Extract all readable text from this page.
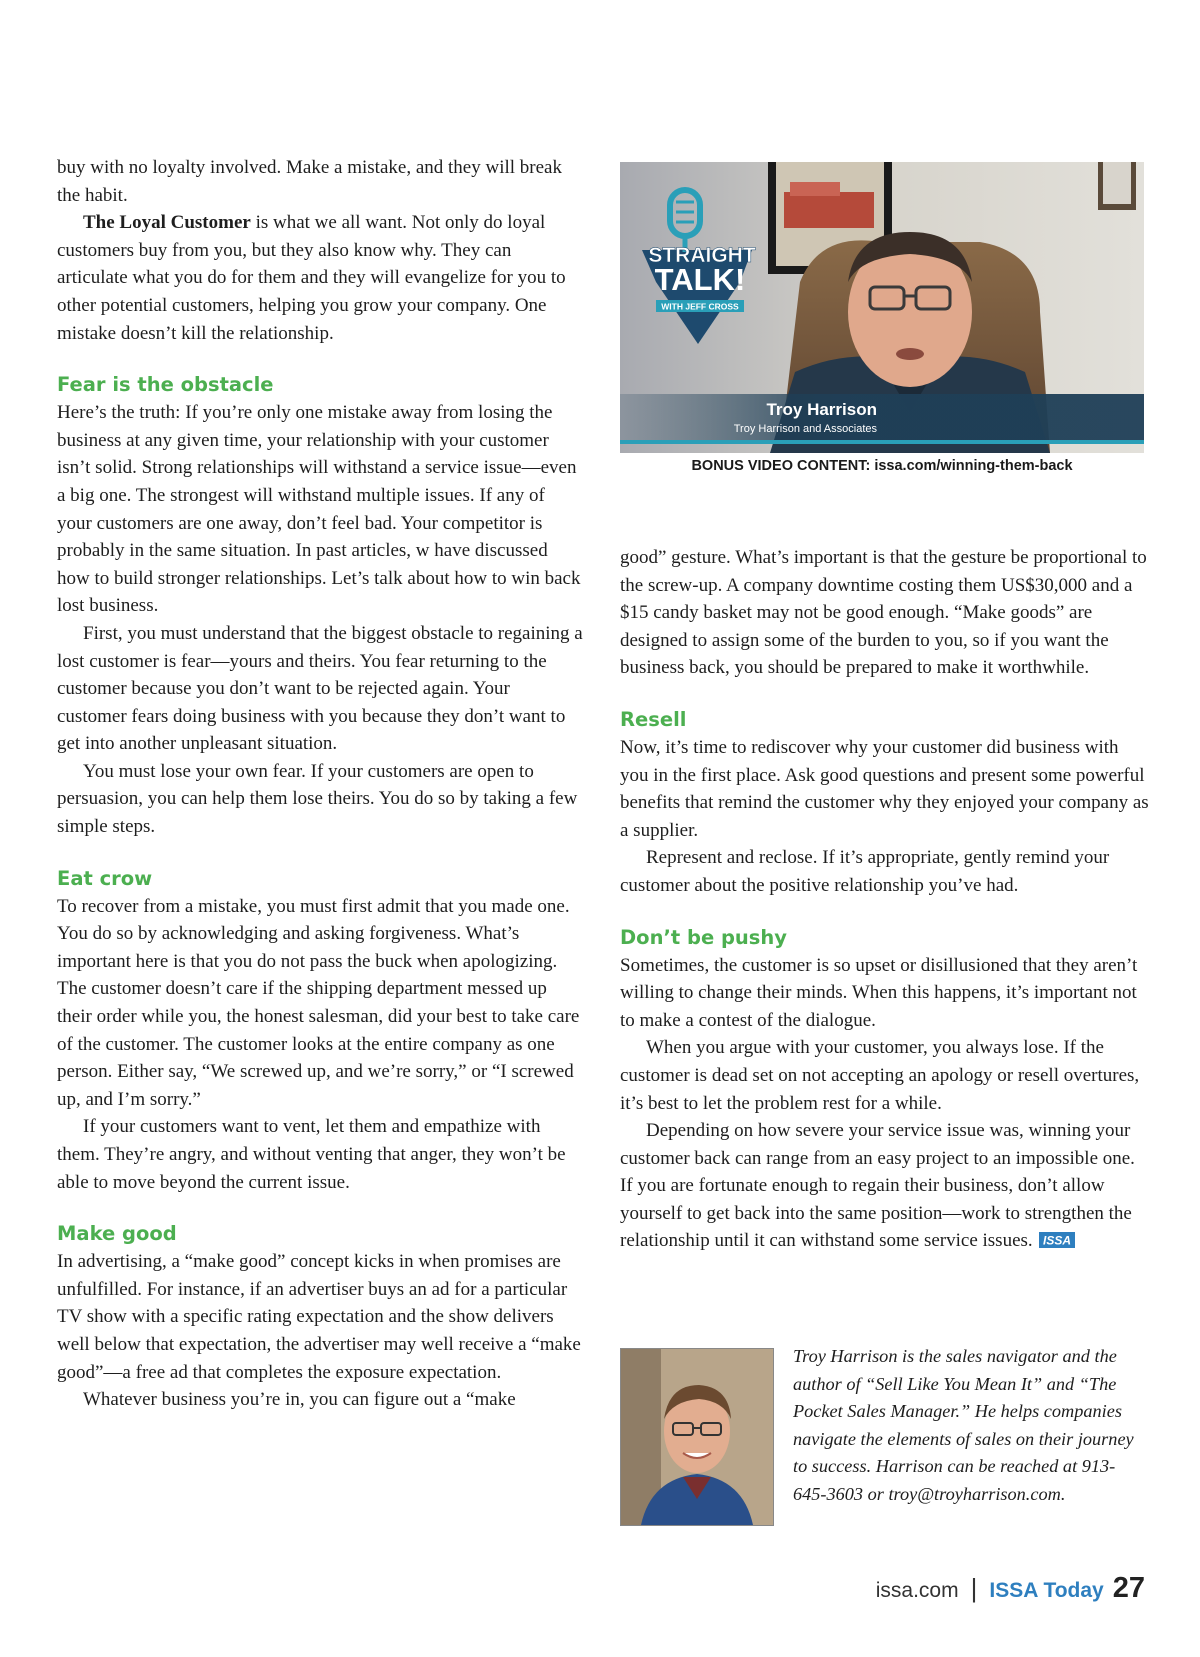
buy with no loyalty involved. Make a mistake, and they will break the habit.

The Loyal Customer is what we all want. Not only do loyal customers buy from you, but they also know why. They can articulate what you do for them and they will evangelize for you to other potential customers, helping you grow your company. One mistake doesn’t kill the relationship.

Fear is the obstacle

Here’s the truth: If you’re only one mistake away from losing the business at any given time, your relationship with your customer isn’t solid. Strong relationships will withstand a service issue—even a big one. The strongest will withstand multiple issues. If any of your customers are one away, don’t feel bad. Your competitor is probably in the same situation. In past articles, w have discussed how to build stronger relationships. Let’s talk about how to win back lost business.

First, you must understand that the biggest obstacle to regaining a lost customer is fear—yours and theirs. You fear returning to the customer because you don’t want to be rejected again. Your customer fears doing business with you because they don’t want to get into another unpleasant situation.

You must lose your own fear. If your customers are open to persuasion, you can help them lose theirs. You do so by taking a few simple steps.

Eat crow

To recover from a mistake, you must first admit that you made one. You do so by acknowledging and asking forgiveness. What’s important here is that you do not pass the buck when apologizing. The customer doesn’t care if the shipping department messed up their order while you, the honest salesman, did your best to take care of the customer. The customer looks at the entire company as one person. Either say, “We screwed up, and we’re sorry,” or “I screwed up, and I’m sorry.”

If your customers want to vent, let them and empathize with them. They’re angry, and without venting that anger, they won’t be able to move beyond the current issue.

Make good

In advertising, a “make good” concept kicks in when promises are unfulfilled. For instance, if an advertiser buys an ad for a particular TV show with a specific rating expectation and the show delivers well below that expectation, the advertiser may well receive a “make good”—a free ad that completes the exposure expectation.

Whatever business you’re in, you can figure out a “make

STRAIGHT
TALK!
WITH JEFF CROSS
Troy Harrison
Troy Harrison and Associates
BONUS VIDEO CONTENT: issa.com/winning-them-back

good” gesture. What’s important is that the gesture be proportional to the screw-up. A company downtime costing them US$30,000 and a $15 candy basket may not be good enough. “Make goods” are designed to assign some of the burden to you, so if you want the business back, you should be prepared to make it worthwhile.

Resell

Now, it’s time to rediscover why your customer did business with you in the first place. Ask good questions and present some powerful benefits that remind the customer why they enjoyed your company as a supplier.

Represent and reclose. If it’s appropriate, gently remind your customer about the positive relationship you’ve had.

Don’t be pushy

Sometimes, the customer is so upset or disillusioned that they aren’t willing to change their minds. When this happens, it’s important not to make a contest of the dialogue.

When you argue with your customer, you always lose. If the customer is dead set on not accepting an apology or resell overtures, it’s best to let the problem rest for a while.

Depending on how severe your service issue was, winning your customer back can range from an easy project to an impossible one. If you are fortunate enough to regain their business, don’t allow yourself to get back into the same position—work to strengthen the relationship until it can withstand some service issues. ISSA

Troy Harrison is the sales navigator and the author of “Sell Like You Mean It” and “The Pocket Sales Manager.” He helps companies navigate the elements of sales on their journey to success. Harrison can be reached at 913-645-3603 or troy@troyharrison.com.

issa.com | ISSA Today 27
